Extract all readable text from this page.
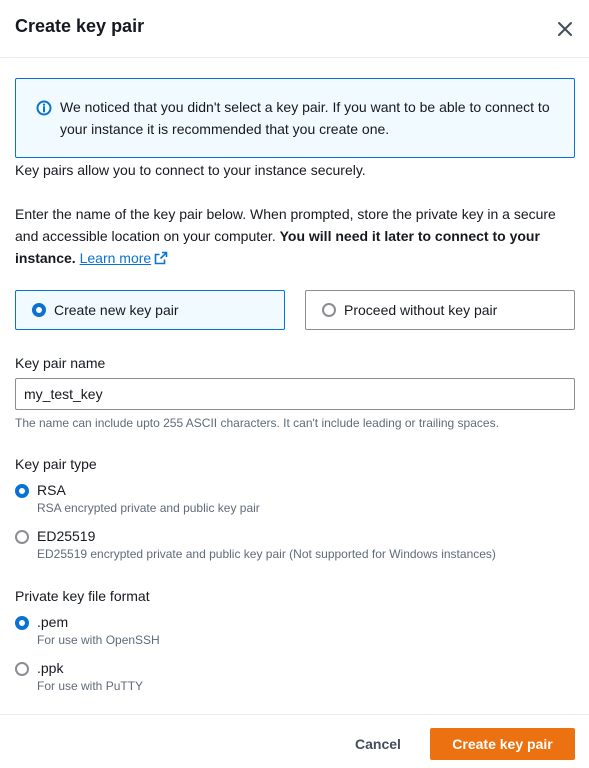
Create key pair
We noticed that you didn't select a key pair. If you want to be able to connect to your instance it is recommended that you create one.
Key pairs allow you to connect to your instance securely.
Enter the name of the key pair below. When prompted, store the private key in a secure and accessible location on your computer. You will need it later to connect to your instance. Learn more
Create new key pair	Proceed without key pair
Key pair name
my_test_key
The name can include upto 255 ASCII characters. It can't include leading or trailing spaces.
Key pair type
RSA
RSA encrypted private and public key pair
ED25519
ED25519 encrypted private and public key pair (Not supported for Windows instances)
Private key file format
.pem
For use with OpenSSH
.ppk
For use with PuTTY
Cancel	Create key pair
